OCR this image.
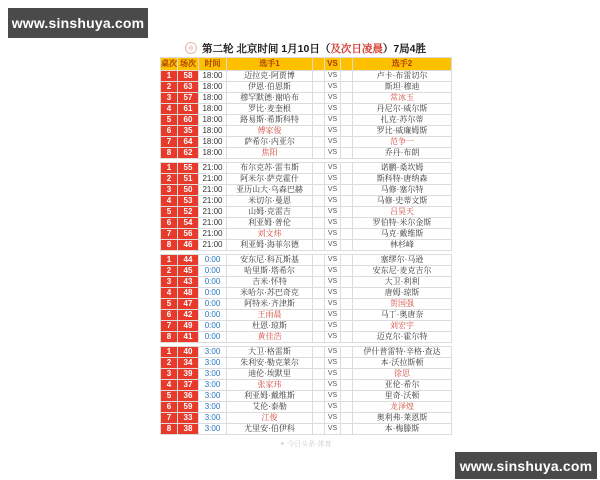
www.sinshuya.com
第二轮 北京时间 1月10日（及次日凌晨）7局4胜
桌次	场次	时间	选手1		VS		选手2
1	58	18:00	迈拉克·阿贾博		VS		卢卡·布雷切尔
2	63	18:00	伊恩·伯恩斯		VS		斯坦·穆迪
3	57	18:00	穆罕默德·谢哈布		VS		常冰玉
4	61	18:00	罗比·麦奎根		VS		丹尼尔·威尔斯
5	60	18:00	路易斯·希斯科特		VS		扎克·苏尔蒂
6	35	18:00	傅家俊		VS		罗比·威廉姆斯
7	64	18:00	萨希尔·内亚尔		VS		范争一
8	62	18:00	焦阳		VS		乔丹·布朗

1	55	21:00	布尔克苏·雷韦斯		VS		诺鹏·桑坎姆
2	51	21:00	阿米尔·萨克霍什		VS		斯科特·唐纳森
3	50	21:00	亚历山大·乌森巴赫		VS		马修·塞尔特
4	53	21:00	米切尔·曼恩		VS		马修·史蒂文斯
5	52	21:00	山姆·克雷吉		VS		吕昊天
6	54	21:00	利亚姆·普伦		VS		罗伯特·米尔金斯
7	56	21:00	刘文炜		VS		马克·戴维斯
8	46	21:00	利亚姆·海菲尔德		VS		林杉峰

1	44	0:00	安东尼·科瓦斯基		VS		塞缪尔·马逊
2	45	0:00	哈里斯·塔希尔		VS		安东尼·麦克吉尔
3	43	0:00	吉米·怀特		VS		大卫·利利
4	48	0:00	米哈尔·苏巴奇克		VS		唐姆·琼斯
5	47	0:00	阿特米·齐津斯		VS		贺国强
6	42	0:00	王雨晨		VS		马丁·奥唐奈
7	49	0:00	杜恩·琼斯		VS		刘宏宇
8	41	0:00	黄佳浩		VS		迈克尔·霍尔特

1	40	3:00	大卫·格雷斯		VS		伊什普雷特·辛格·查达
2	34	3:00	朱利安·勒克莱尔		VS		本·沃拉斯顿
3	39	3:00	迪伦·埃默里		VS		徐思
4	37	3:00	张家玮		VS		亚伦·希尔
5	36	3:00	利亚姆·戴维斯		VS		里奇·沃顿
6	59	3:00	艾伦·泰勒		VS		龙泽煌
7	33	3:00	江俊		VS		奥利弗·莱恩斯
8	38	3:00	尤里安·伯伊科		VS		本·梅滕斯
✦ 今日头条·体育
www.sinshuya.com
